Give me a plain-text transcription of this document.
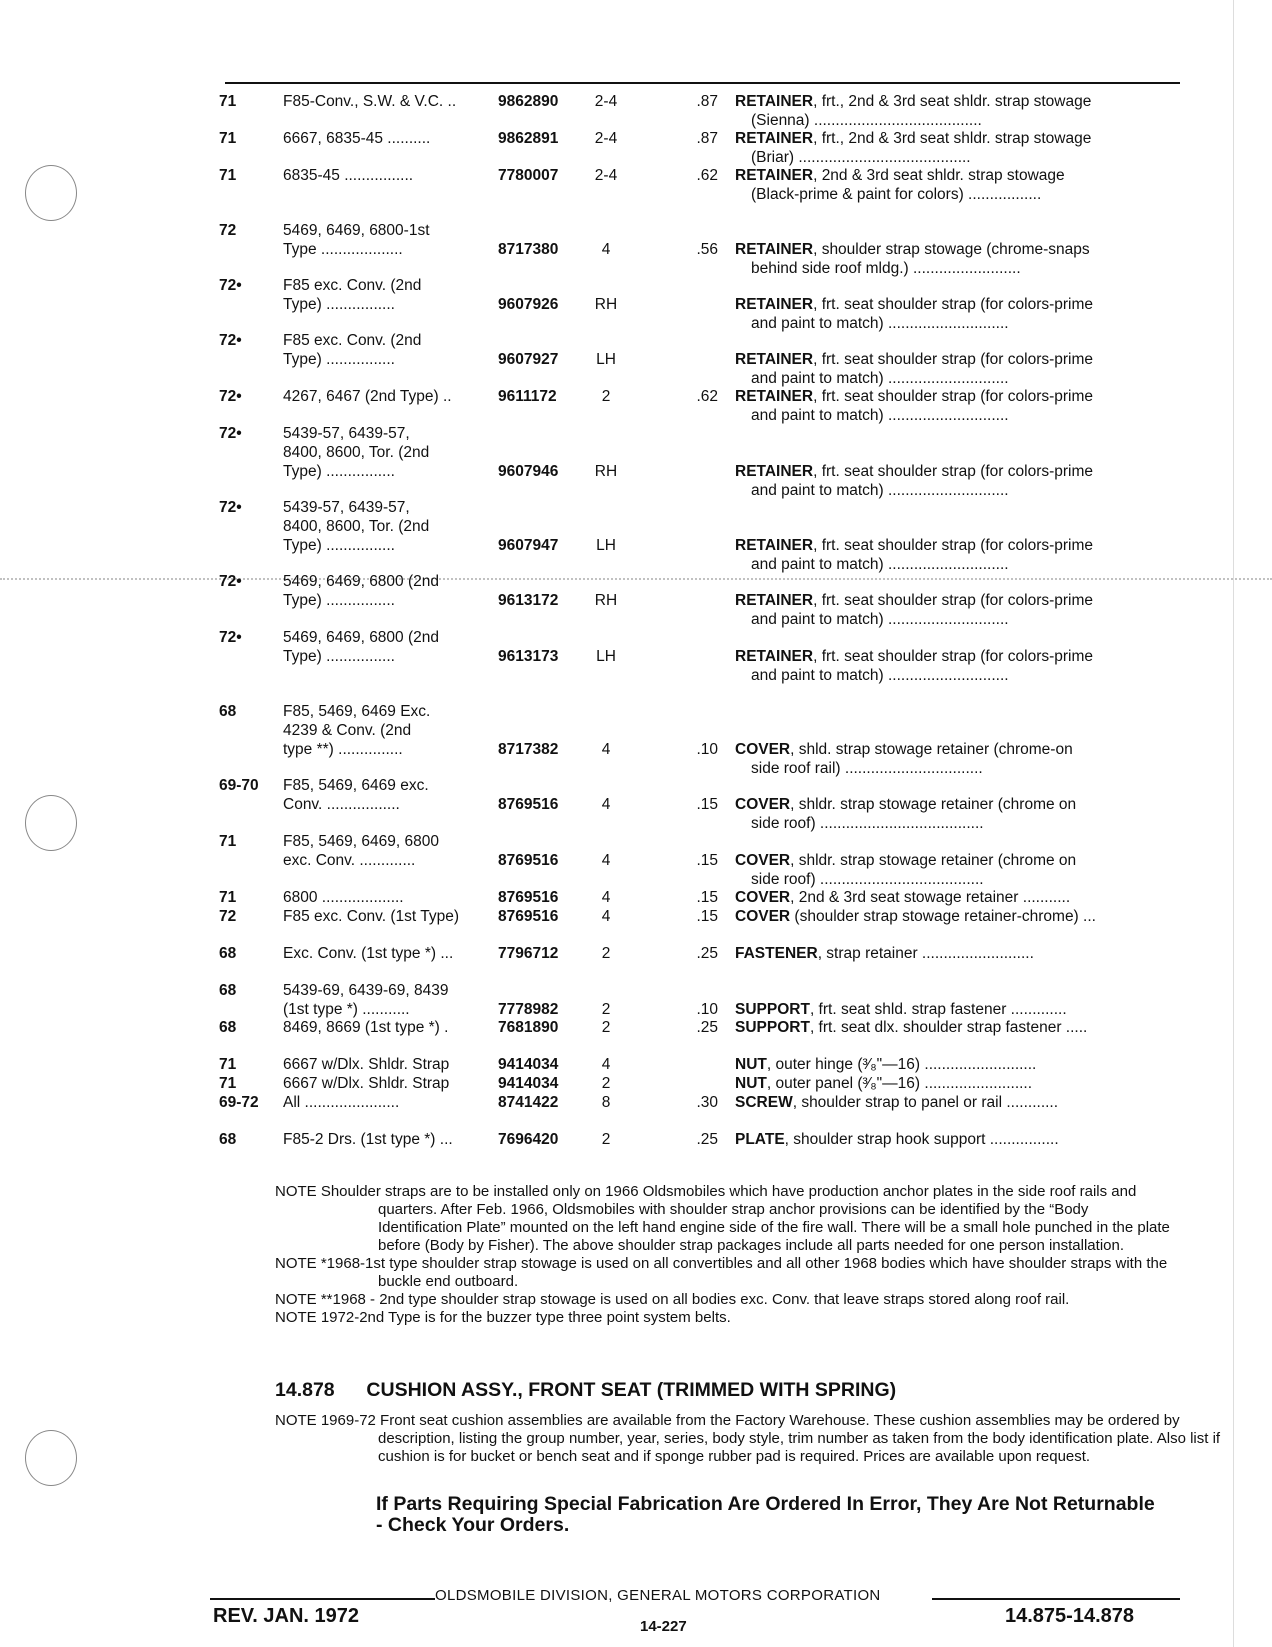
71	F85-Conv., S.W. & V.C. ..	9862890	2-4	.87 RETAINER, frt., 2nd & 3rd seat shldr. strap stowage
(Sienna) .......................................
71	6667, 6835-45 ..........	9862891	2-4	.87 RETAINER, frt., 2nd & 3rd seat shldr. strap stowage
(Briar) ........................................
71	6835-45 ................	7780007	2-4	.62 RETAINER, 2nd & 3rd seat shldr. strap stowage
(Black-prime & paint for colors) .................
72	5469, 6469, 6800-1st
Type ...................	8717380	4	.56 RETAINER, shoulder strap stowage (chrome-snaps
behind side roof mldg.) .........................
72•	F85 exc. Conv. (2nd
Type) ................	9607926	RH	RETAINER, frt. seat shoulder strap (for colors-prime
and paint to match) ............................
72•	F85 exc. Conv. (2nd
Type) ................	9607927	LH	RETAINER, frt. seat shoulder strap (for colors-prime
and paint to match) ............................
72•	4267, 6467 (2nd Type) ..	9611172	2	.62 RETAINER, frt. seat shoulder strap (for colors-prime
and paint to match) ............................
72•	5439-57, 6439-57,
8400, 8600, Tor. (2nd
Type) ................	9607946	RH	RETAINER, frt. seat shoulder strap (for colors-prime
and paint to match) ............................
72•	5439-57, 6439-57,
8400, 8600, Tor. (2nd
Type) ................	9607947	LH	RETAINER, frt. seat shoulder strap (for colors-prime
and paint to match) ............................
72•	5469, 6469, 6800 (2nd
Type) ................	9613172	RH	RETAINER, frt. seat shoulder strap (for colors-prime
and paint to match) ............................
72•	5469, 6469, 6800 (2nd
Type) ................	9613173	LH	RETAINER, frt. seat shoulder strap (for colors-prime
and paint to match) ............................
68	F85, 5469, 6469 Exc.
4239 & Conv. (2nd
type **) ...............	8717382	4	.10 COVER, shld. strap stowage retainer (chrome-on
side roof rail) ................................
69-70	F85, 5469, 6469 exc.
Conv. .................	8769516	4	.15 COVER, shldr. strap stowage retainer (chrome on
side roof) ......................................
71	F85, 5469, 6469, 6800
exc. Conv. .............	8769516	4	.15 COVER, shldr. strap stowage retainer (chrome on
side roof) ......................................
71	6800 ...................	8769516	4	.15 COVER, 2nd & 3rd seat stowage retainer ...........
72	F85 exc. Conv. (1st Type)	8769516	4	.15 COVER (shoulder strap stowage retainer-chrome) ...
68	Exc. Conv. (1st type *) ...	7796712	2	.25 FASTENER, strap retainer ..........................
68	5439-69, 6439-69, 8439
(1st type *) ...........	7778982	2	.10 SUPPORT, frt. seat shld. strap fastener .............
68	8469, 8669 (1st type *) .	7681890	2	.25 SUPPORT, frt. seat dlx. shoulder strap fastener .....
71	6667 w/Dlx. Shldr. Strap	9414034	4	NUT, outer hinge (³⁄₈"—16) ..........................
71	6667 w/Dlx. Shldr. Strap	9414034	2	NUT, outer panel (³⁄₈"—16) .........................
69-72	All ......................	8741422	8	.30 SCREW, shoulder strap to panel or rail ............
68	F85-2 Drs. (1st type *) ...	7696420	2	.25 PLATE, shoulder strap hook support ................
NOTE Shoulder straps are to be installed only on 1966 Oldsmobiles which have production anchor plates in the side roof rails and quarters. After Feb. 1966, Oldsmobiles with shoulder strap anchor provisions can be identified by the “Body Identification Plate” mounted on the left hand engine side of the fire wall. There will be a small hole punched in the plate before (Body by Fisher). The above shoulder strap packages include all parts needed for one person installation.
NOTE *1968-1st type shoulder strap stowage is used on all convertibles and all other 1968 bodies which have shoulder straps with the buckle end outboard.
NOTE **1968 - 2nd type shoulder strap stowage is used on all bodies exc. Conv. that leave straps stored along roof rail.
NOTE 1972-2nd Type is for the buzzer type three point system belts.
14.878 CUSHION ASSY., FRONT SEAT (TRIMMED WITH SPRING)
NOTE 1969-72 Front seat cushion assemblies are available from the Factory Warehouse. These cushion assemblies may be ordered by description, listing the group number, year, series, body style, trim number as taken from the body identification plate. Also list if cushion is for bucket or bench seat and if sponge rubber pad is required. Prices are available upon request.
If Parts Requiring Special Fabrication Are Ordered In Error, They Are Not Returnable - Check Your Orders.
OLDSMOBILE DIVISION, GENERAL MOTORS CORPORATION
REV. JAN. 1972	14-227	14.875-14.878
